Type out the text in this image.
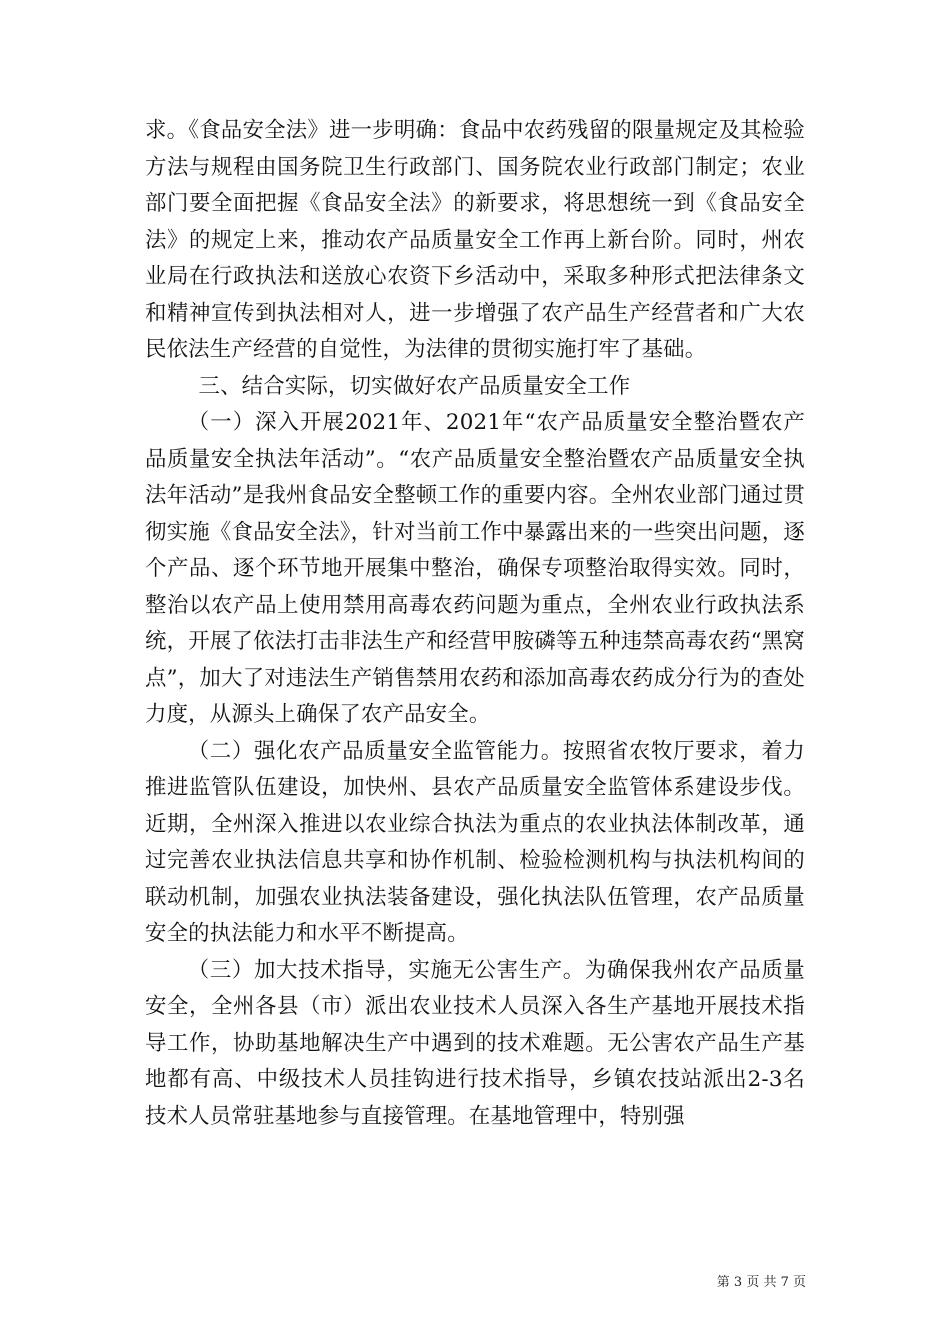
求。《食品安全法》进一步明确：食品中农药残留的限量规定及其检验方法与规程由国务院卫生行政部门、国务院农业行政部门制定；农业部门要全面把握《食品安全法》的新要求，将思想统一到《食品安全法》的规定上来，推动农产品质量安全工作再上新台阶。同时，州农业局在行政执法和送放心农资下乡活动中，采取多种形式把法律条文和精神宣传到执法相对人，进一步增强了农产品生产经营者和广大农民依法生产经营的自觉性，为法律的贯彻实施打牢了基础。

三、结合实际，切实做好农产品质量安全工作

（一）深入开展2021年、2021年“农产品质量安全整治暨农产品质量安全执法年活动”。“农产品质量安全整治暨农产品质量安全执法年活动”是我州食品安全整顿工作的重要内容。全州农业部门通过贯彻实施《食品安全法》，针对当前工作中暴露出来的一些突出问题，逐个产品、逐个环节地开展集中整治，确保专项整治取得实效。同时，整治以农产品上使用禁用高毒农药问题为重点，全州农业行政执法系统，开展了依法打击非法生产和经营甲胺磷等五种违禁高毒农药“黑窝点”，加大了对违法生产销售禁用农药和添加高毒农药成分行为的查处力度，从源头上确保了农产品安全。

（二）强化农产品质量安全监管能力。按照省农牧厅要求，着力推进监管队伍建设，加快州、县农产品质量安全监管体系建设步伐。近期，全州深入推进以农业综合执法为重点的农业执法体制改革，通过完善农业执法信息共享和协作机制、检验检测机构与执法机构间的联动机制，加强农业执法装备建设，强化执法队伍管理，农产品质量安全的执法能力和水平不断提高。

（三）加大技术指导，实施无公害生产。为确保我州农产品质量安全，全州各县（市）派出农业技术人员深入各生产基地开展技术指导工作，协助基地解决生产中遇到的技术难题。无公害农产品生产基地都有高、中级技术人员挂钩进行技术指导，乡镇农技站派出2-3名技术人员常驻基地参与直接管理。在基地管理中，特别强

第 3 页 共 7 页
